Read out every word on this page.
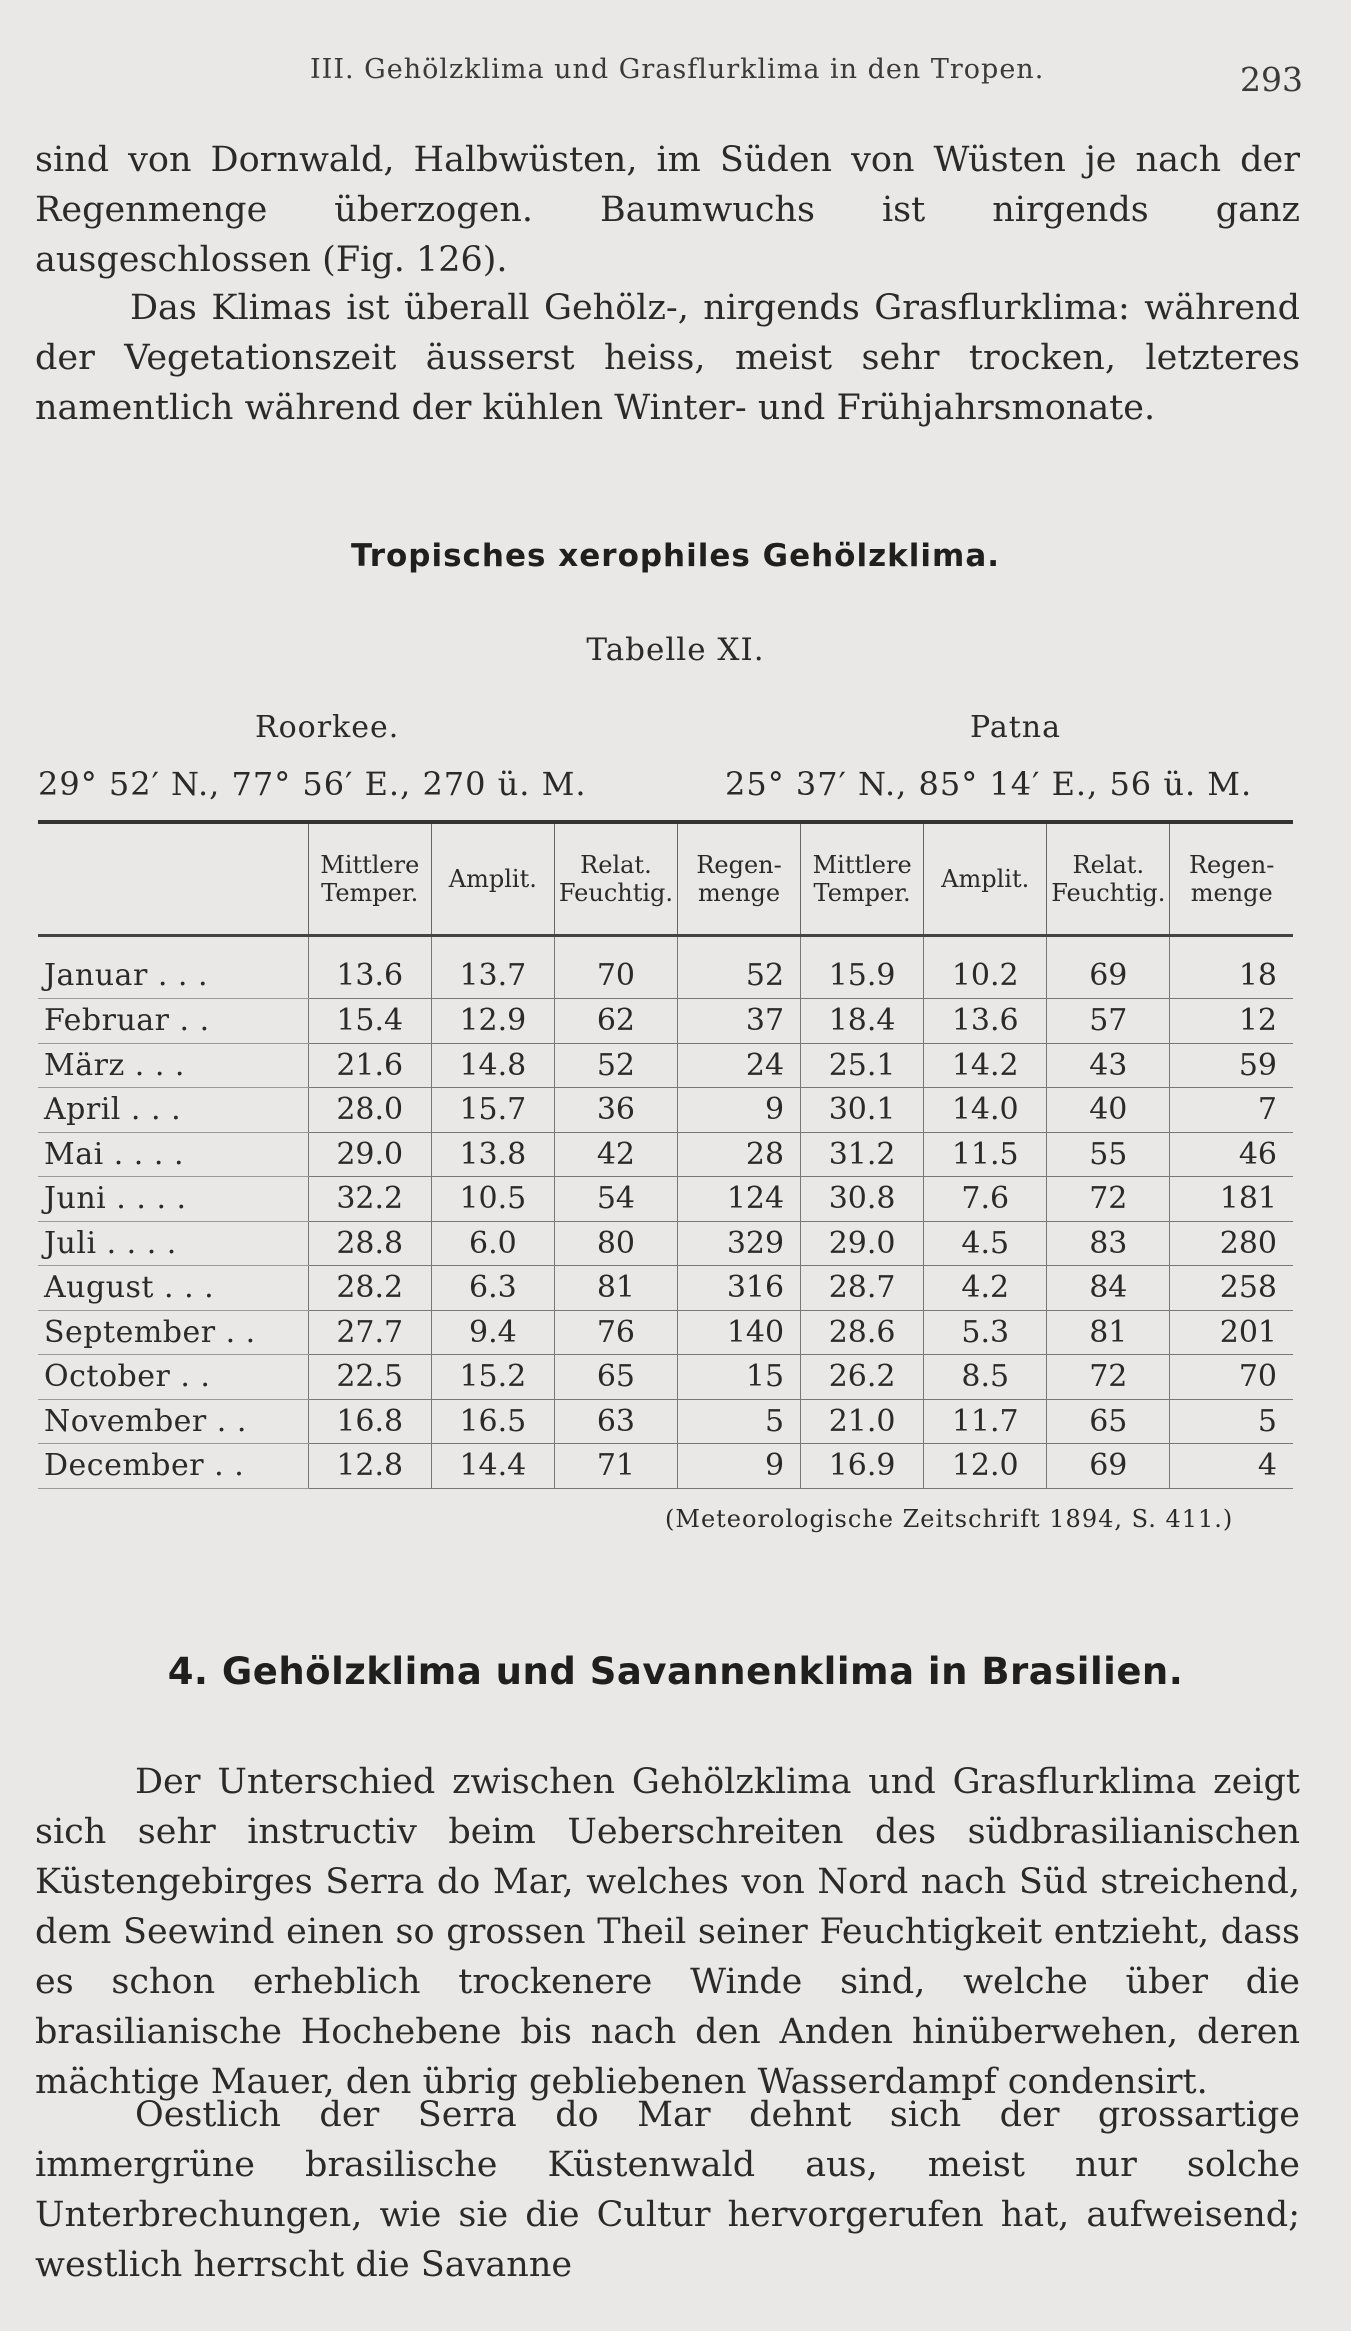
III. Gehölzklima und Grasflurklima in den Tropen.	293

sind von Dornwald, Halbwüsten, im Süden von Wüsten je nach der Regenmenge überzogen. Baumwuchs ist nirgends ganz ausgeschlossen (Fig. 126).

Das Klimas ist überall Gehölz-, nirgends Grasflurklima: während der Vegetationszeit äusserst heiss, meist sehr trocken, letzteres namentlich während der kühlen Winter- und Frühjahrsmonate.

Tropisches xerophiles Gehölzklima.
Tabelle XI.
Roorkee.	Patna
29° 52′ N., 77° 56′ E., 270 ü. M.	25° 37′ N., 85° 14′ E., 56 ü. M.
	Mittlere Temper.	Amplit.	Relat. Feuchtig.	Regen-menge	Mittlere Temper.	Amplit.	Relat. Feuchtig.	Regen-menge
Januar . . .	13.6	13.7	70	52	15.9	10.2	69	18
Februar . .	15.4	12.9	62	37	18.4	13.6	57	12
März . . .	21.6	14.8	52	24	25.1	14.2	43	59
April . . .	28.0	15.7	36	9	30.1	14.0	40	7
Mai . . . .	29.0	13.8	42	28	31.2	11.5	55	46
Juni . . . .	32.2	10.5	54	124	30.8	7.6	72	181
Juli . . . .	28.8	6.0	80	329	29.0	4.5	83	280
August . . .	28.2	6.3	81	316	28.7	4.2	84	258
September . .	27.7	9.4	76	140	28.6	5.3	81	201
October . .	22.5	15.2	65	15	26.2	8.5	72	70
November . .	16.8	16.5	63	5	21.0	11.7	65	5
December . .	12.8	14.4	71	9	16.9	12.0	69	4
(Meteorologische Zeitschrift 1894, S. 411.)
4. Gehölzklima und Savannenklima in Brasilien.

Der Unterschied zwischen Gehölzklima und Grasflurklima zeigt sich sehr instructiv beim Ueberschreiten des südbrasilianischen Küstengebirges Serra do Mar, welches von Nord nach Süd streichend, dem Seewind einen so grossen Theil seiner Feuchtigkeit entzieht, dass es schon erheblich trockenere Winde sind, welche über die brasilianische Hochebene bis nach den Anden hinüberwehen, deren mächtige Mauer, den übrig gebliebenen Wasserdampf condensirt.

Oestlich der Serra do Mar dehnt sich der grossartige immergrüne brasilische Küstenwald aus, meist nur solche Unterbrechungen, wie sie die Cultur hervorgerufen hat, aufweisend; westlich herrscht die Savanne
